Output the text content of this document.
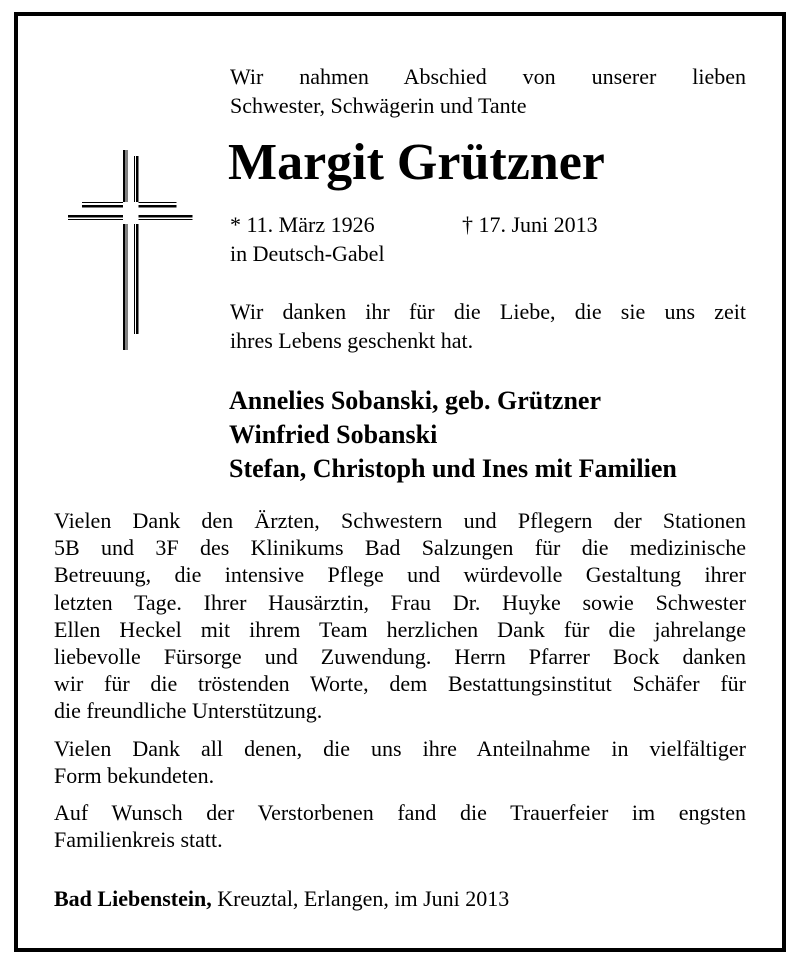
Wir nahmen Abschied von unserer lieben
Schwester, Schwägerin und Tante
Margit Grützner
* 11. März 1926
in Deutsch-Gabel
† 17. Juni 2013
Wir danken ihr für die Liebe, die sie uns zeit
ihres Lebens geschenkt hat.
Annelies Sobanski, geb. Grützner
Winfried Sobanski
Stefan, Christoph und Ines mit Familien

Vielen Dank den Ärzten, Schwestern und Pflegern der Stationen
5B und 3F des Klinikums Bad Salzungen für die medizinische
Betreuung, die intensive Pflege und würdevolle Gestaltung ihrer
letzten Tage. Ihrer Hausärztin, Frau Dr. Huyke sowie Schwester
Ellen Heckel mit ihrem Team herzlichen Dank für die jahrelange
liebevolle Fürsorge und Zuwendung. Herrn Pfarrer Bock danken
wir für die tröstenden Worte, dem Bestattungsinstitut Schäfer für
die freundliche Unterstützung.

Vielen Dank all denen, die uns ihre Anteilnahme in vielfältiger
Form bekundeten.

Auf Wunsch der Verstorbenen fand die Trauerfeier im engsten
Familienkreis statt.

Bad Liebenstein, Kreuztal, Erlangen, im Juni 2013
